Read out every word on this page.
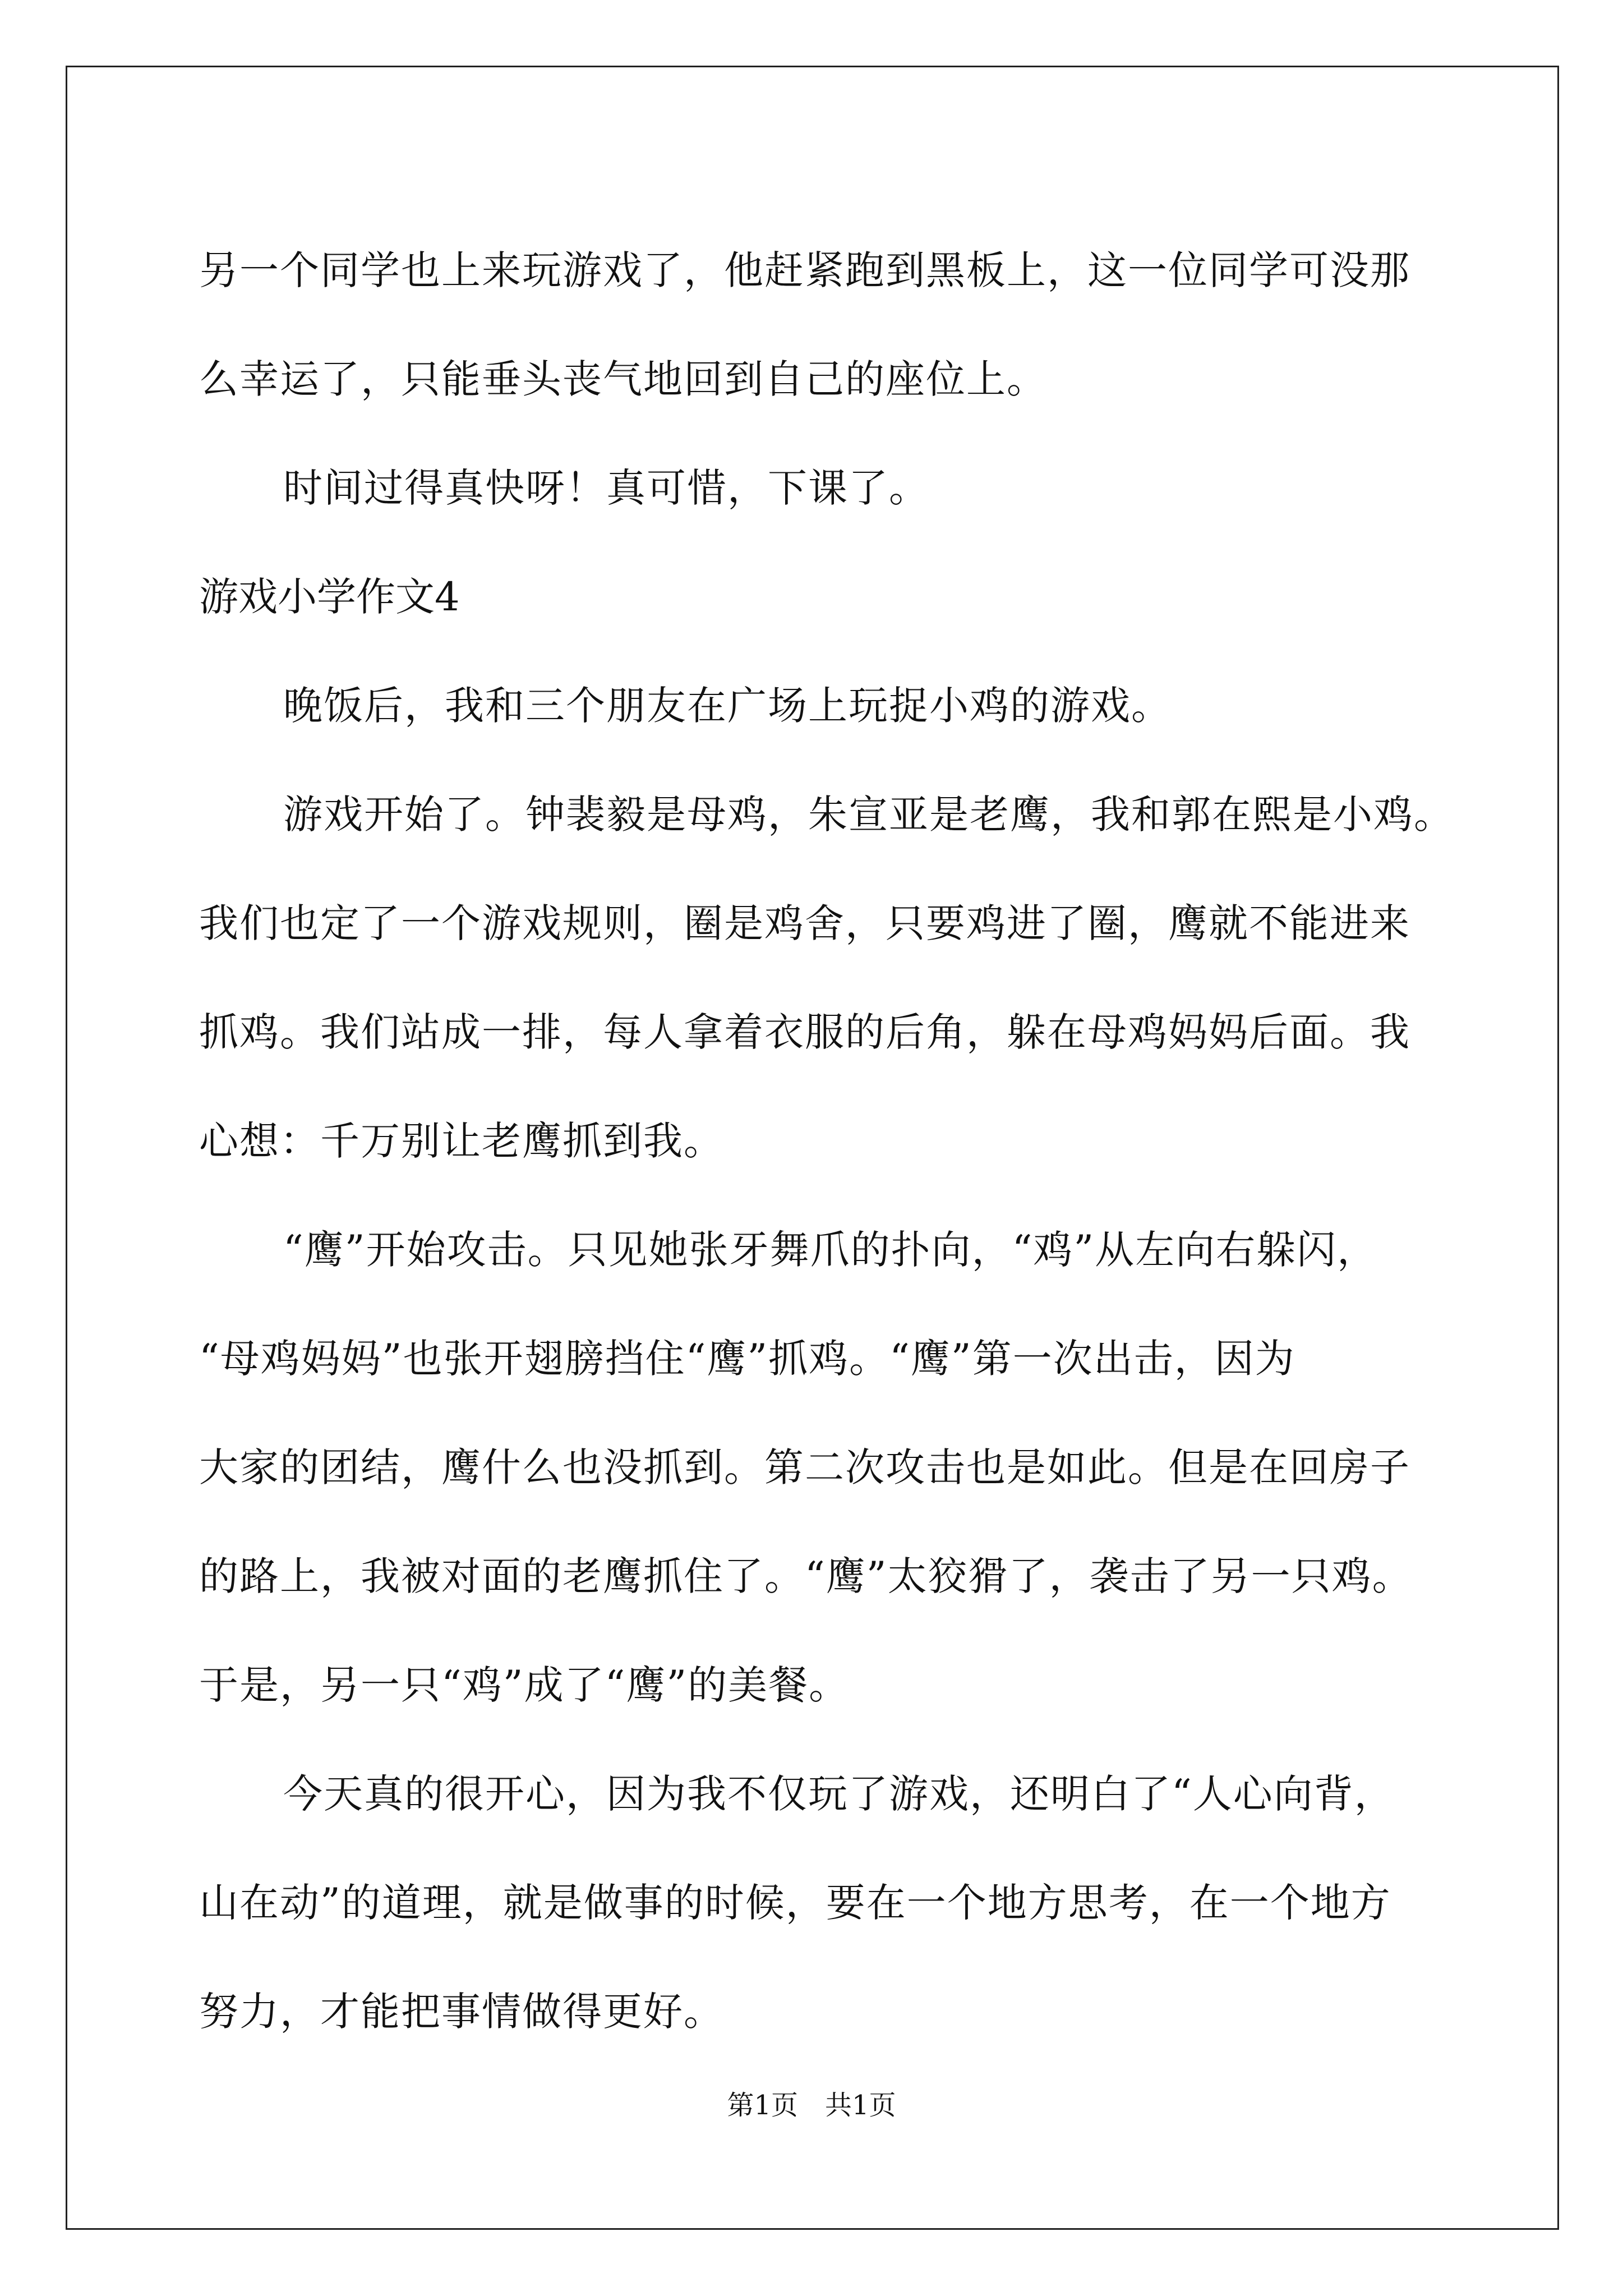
另一个同学也上来玩游戏了，他赶紧跑到黑板上，这一位同学可没那

么幸运了，只能垂头丧气地回到自己的座位上。

时间过得真快呀！真可惜，下课了。

游戏小学作文4

晚饭后，我和三个朋友在广场上玩捉小鸡的游戏。

游戏开始了。钟裴毅是母鸡，朱宣亚是老鹰，我和郭在熙是小鸡。

我们也定了一个游戏规则，圈是鸡舍，只要鸡进了圈，鹰就不能进来

抓鸡。我们站成一排，每人拿着衣服的后角，躲在母鸡妈妈后面。我

心想：千万别让老鹰抓到我。

“鹰”开始攻击。只见她张牙舞爪的扑向，“鸡”从左向右躲闪，

“母鸡妈妈”也张开翅膀挡住“鹰”抓鸡。“鹰”第一次出击，因为

大家的团结，鹰什么也没抓到。第二次攻击也是如此。但是在回房子

的路上，我被对面的老鹰抓住了。“鹰”太狡猾了，袭击了另一只鸡。

于是，另一只“鸡”成了“鹰”的美餐。

今天真的很开心，因为我不仅玩了游戏，还明白了“人心向背，

山在动”的道理，就是做事的时候，要在一个地方思考，在一个地方

努力，才能把事情做得更好。

第1页　共1页
